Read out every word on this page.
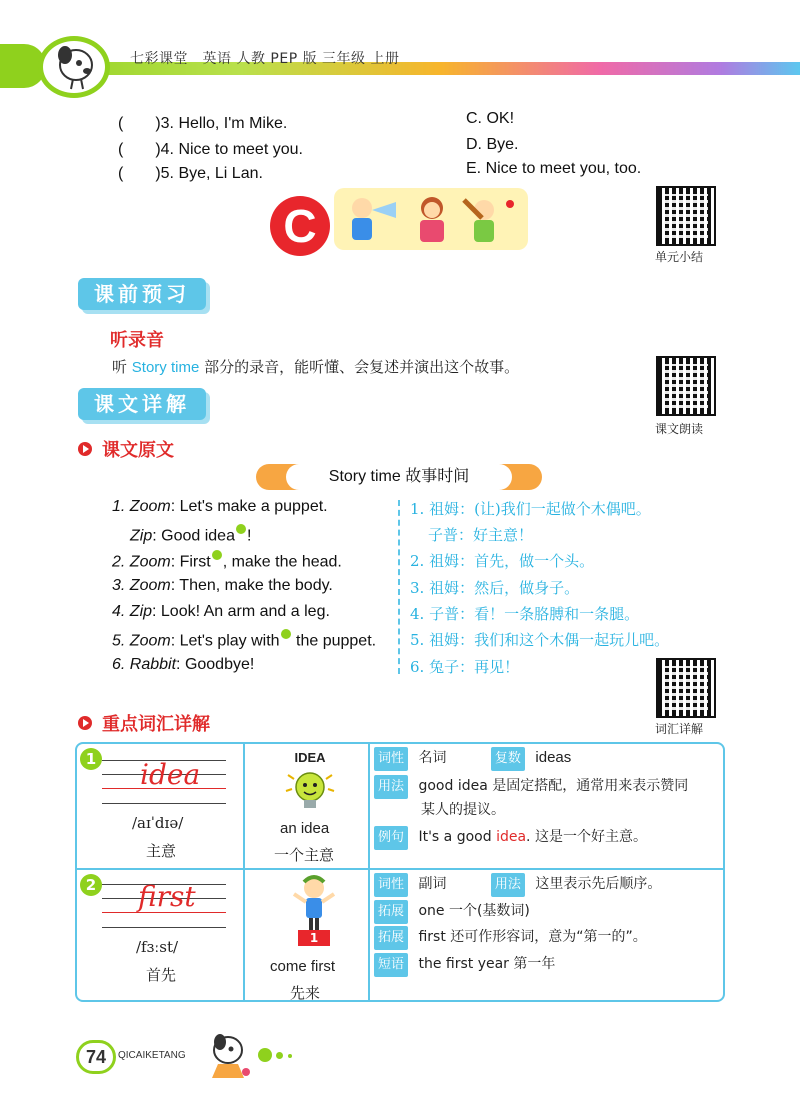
七彩课堂　英语 人教 PEP 版 三年级 上册
(　　)3. Hello, I'm Mike.	C. OK!
(　　)4. Nice to meet you.	D. Bye.
(　　)5. Bye, Li Lan.	E. Nice to meet you, too.
C
单元小结
课前预习
听录音
听 Story time 部分的录音，能听懂、会复述并演出这个故事。
课文朗读
课文详解
课文原文
Story time 故事时间
1. Zoom: Let's make a puppet.
Zip: Good idea !
2. Zoom: First , make the head.
3. Zoom: Then, make the body.
4. Zip: Look! An arm and a leg.
5. Zoom: Let's play with the puppet.
6. Rabbit: Goodbye!
1. 祖姆：(让)我们一起做个木偶吧。
子普：好主意！
2. 祖姆：首先，做一个头。
3. 祖姆：然后，做身子。
4. 子普：看！一条胳膊和一条腿。
5. 祖姆：我们和这个木偶一起玩儿吧。
6. 兔子：再见！
词汇详解
重点词汇详解
1 idea
/aɪˈdɪə/
主意
IDEA
an idea
一个主意
词性 名词	复数 ideas
用法 good idea 是固定搭配，通常用来表示赞同
某人的提议。
例句 It's a good idea. 这是一个好主意。
2 first
/fɜːst/
首先
1
come first
先来
词性 副词	用法 这里表示先后顺序。
拓展 one 一个(基数词)
拓展 first 还可作形容词，意为“第一的”。
短语 the first year 第一年
74	QICAIKETANG
